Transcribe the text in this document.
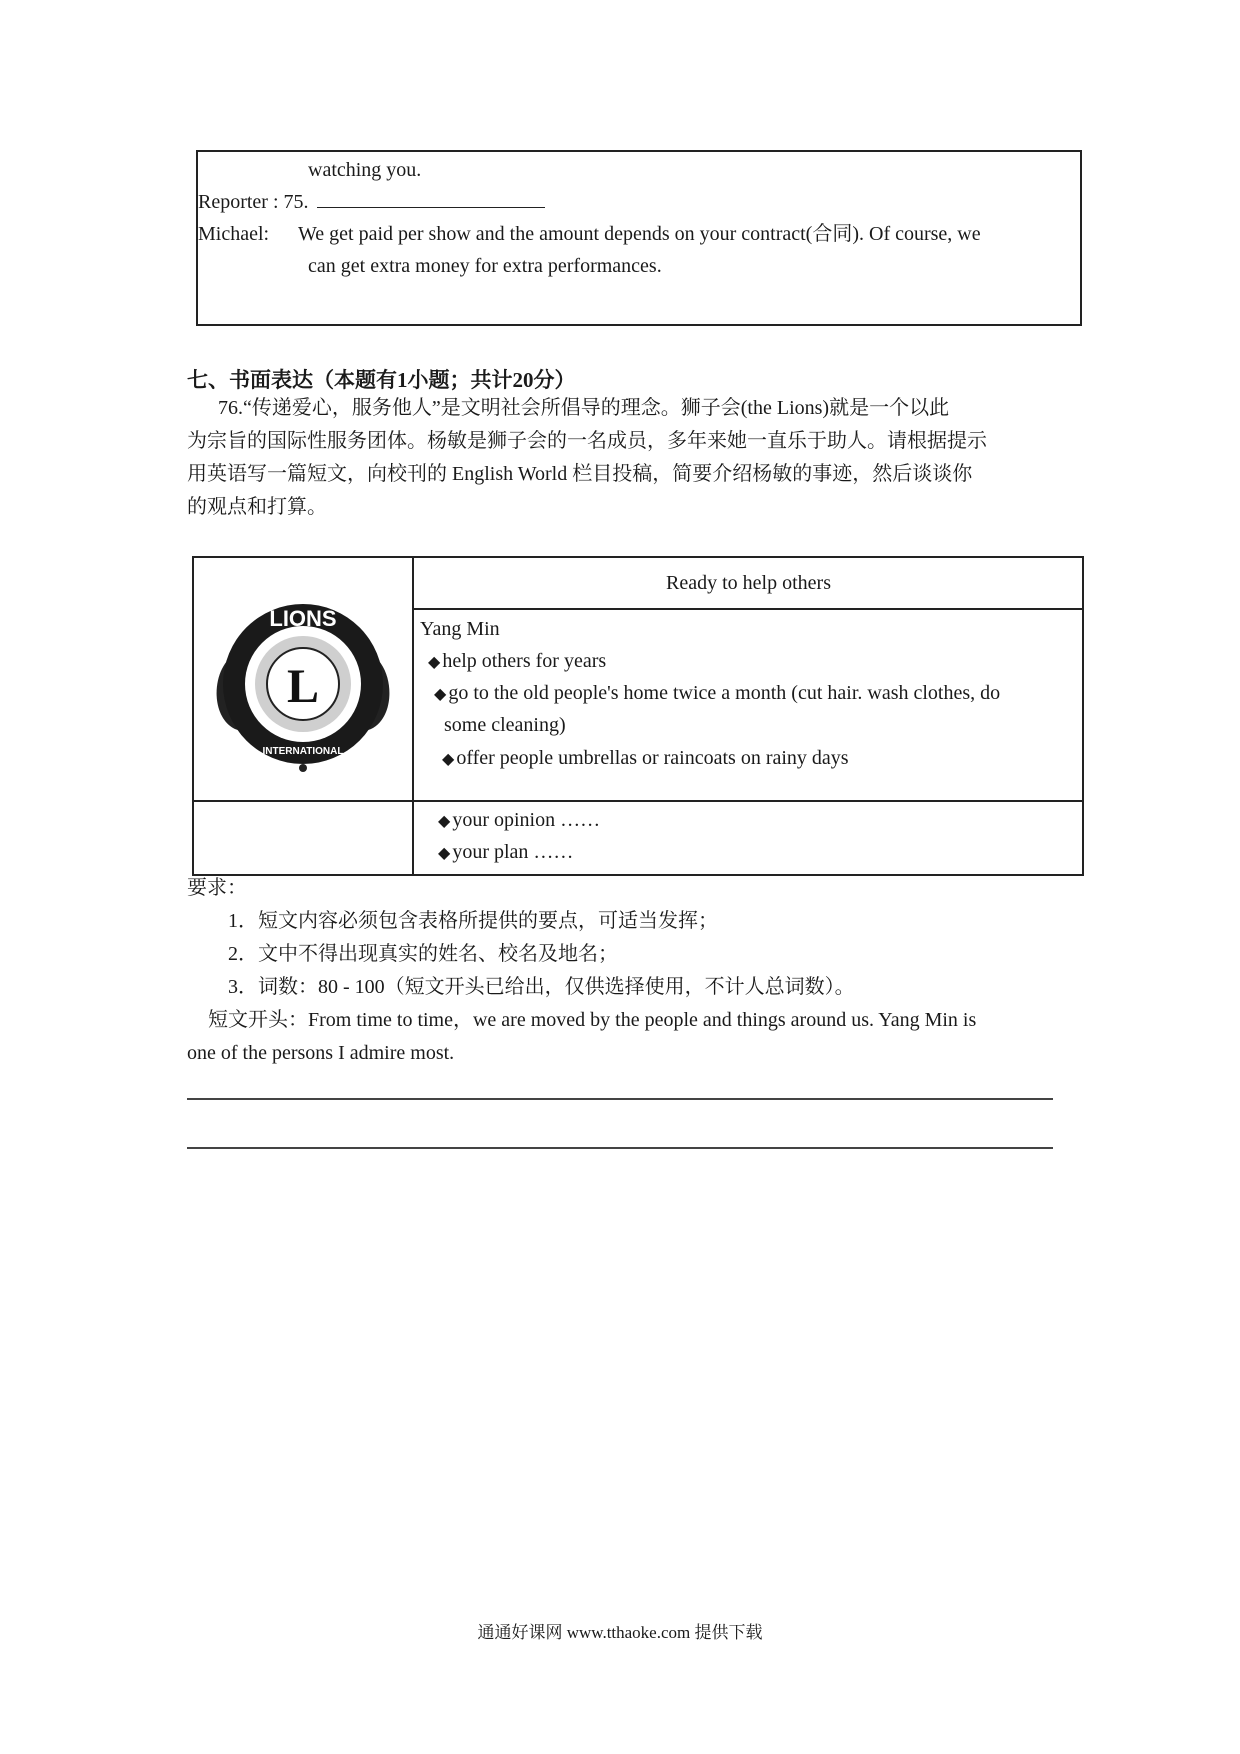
watching you.
Reporter : 75.
Michael: We get paid per show and the amount depends on your contract(合同). Of course, we
can get extra money for extra performances.
七、书面表达（本题有1小题；共计20分）
76.“传递爱心，服务他人”是文明社会所倡导的理念。狮子会(the Lions)就是一个以此
为宗旨的国际性服务团体。杨敏是狮子会的一名成员，多年来她一直乐于助人。请根据提示
用英语写一篇短文，向校刊的 English World 栏目投稿，简要介绍杨敏的事迹，然后谈谈你
的观点和打算。
L
LIONS
INTERNATIONAL
Ready to help others
Yang Min
◆ help others for years
◆ go to the old people's home twice a month (cut hair. wash clothes, do
some cleaning)
◆ offer people umbrellas or raincoats on rainy days
◆ your opinion ……
◆ your plan ……
要求：
1．短文内容必须包含表格所提供的要点，可适当发挥；
2．文中不得出现真实的姓名、校名及地名；
3．词数：80 - 100（短文开头已给出，仅供选择使用，不计人总词数）。
短文开头：From time to time，we are moved by the people and things around us. Yang Min is
one of the persons I admire most.
通通好课网 www.tthaoke.com 提供下载
